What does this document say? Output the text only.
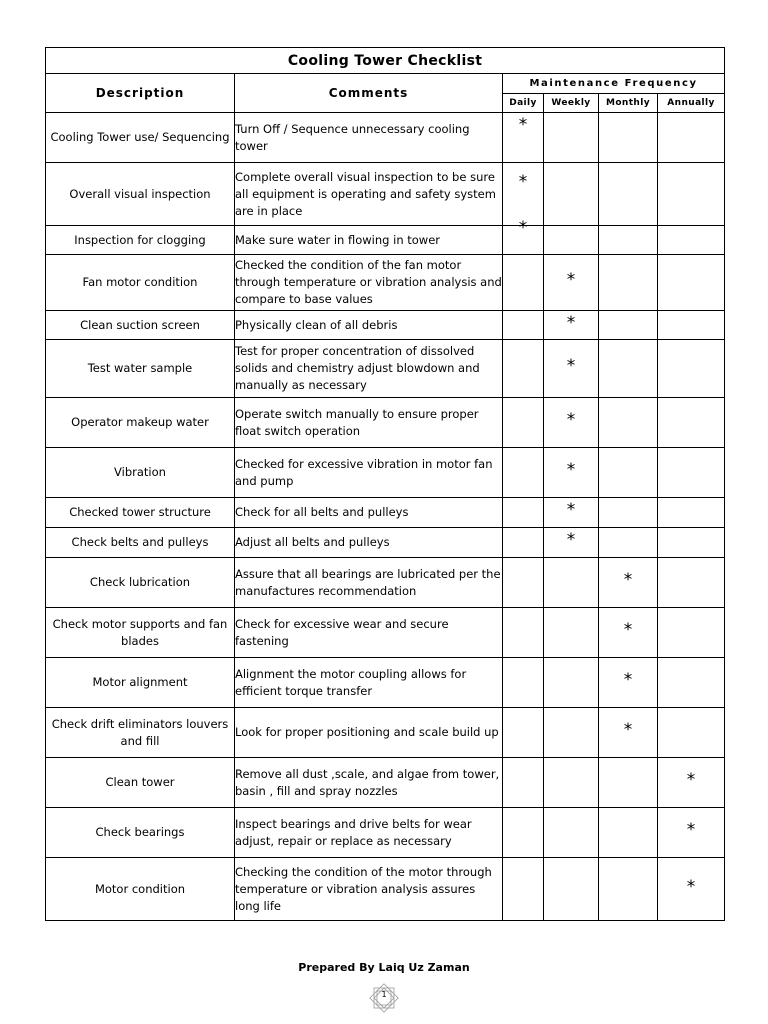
Cooling Tower Checklist					
Description	Comments	Maintenance Frequency			
		Daily	Weekly	Monthly	Annually
Cooling Tower use/ Sequencing	Turn Off / Sequence unnecessary cooling tower	*			
Overall visual inspection	Complete overall visual inspection to be sure all equipment is operating and safety system are in place	*			
Inspection for clogging	Make sure water in flowing in tower	*			
Fan motor condition	Checked the condition of the fan motor through temperature or vibration analysis and compare to base values		*		
Clean suction screen	Physically clean of all debris		*		
Test water sample	Test for proper concentration of dissolved solids and chemistry adjust blowdown and manually as necessary		*		
Operator makeup water	Operate switch manually to ensure proper float switch operation		*		
Vibration	Checked for excessive vibration in motor fan and pump		*		
Checked tower structure	Check for all belts and pulleys		*		
Check belts and pulleys	Adjust all belts and pulleys		*		
Check lubrication	Assure that all bearings are lubricated per the manufactures recommendation			*	
Check motor supports and fan blades	Check for excessive wear and secure fastening			*	
Motor alignment	Alignment the motor coupling allows for efficient torque transfer			*	
Check drift eliminators louvers and fill	Look for proper positioning and scale build up			*	
Clean tower	Remove all dust ,scale, and algae from tower, basin , fill and spray nozzles				*
Check bearings	Inspect bearings and drive belts for wear adjust, repair or replace as necessary				*
Motor condition	Checking the condition of the motor through temperature or vibration analysis assures long life				*
Prepared By Laiq Uz Zaman
1
